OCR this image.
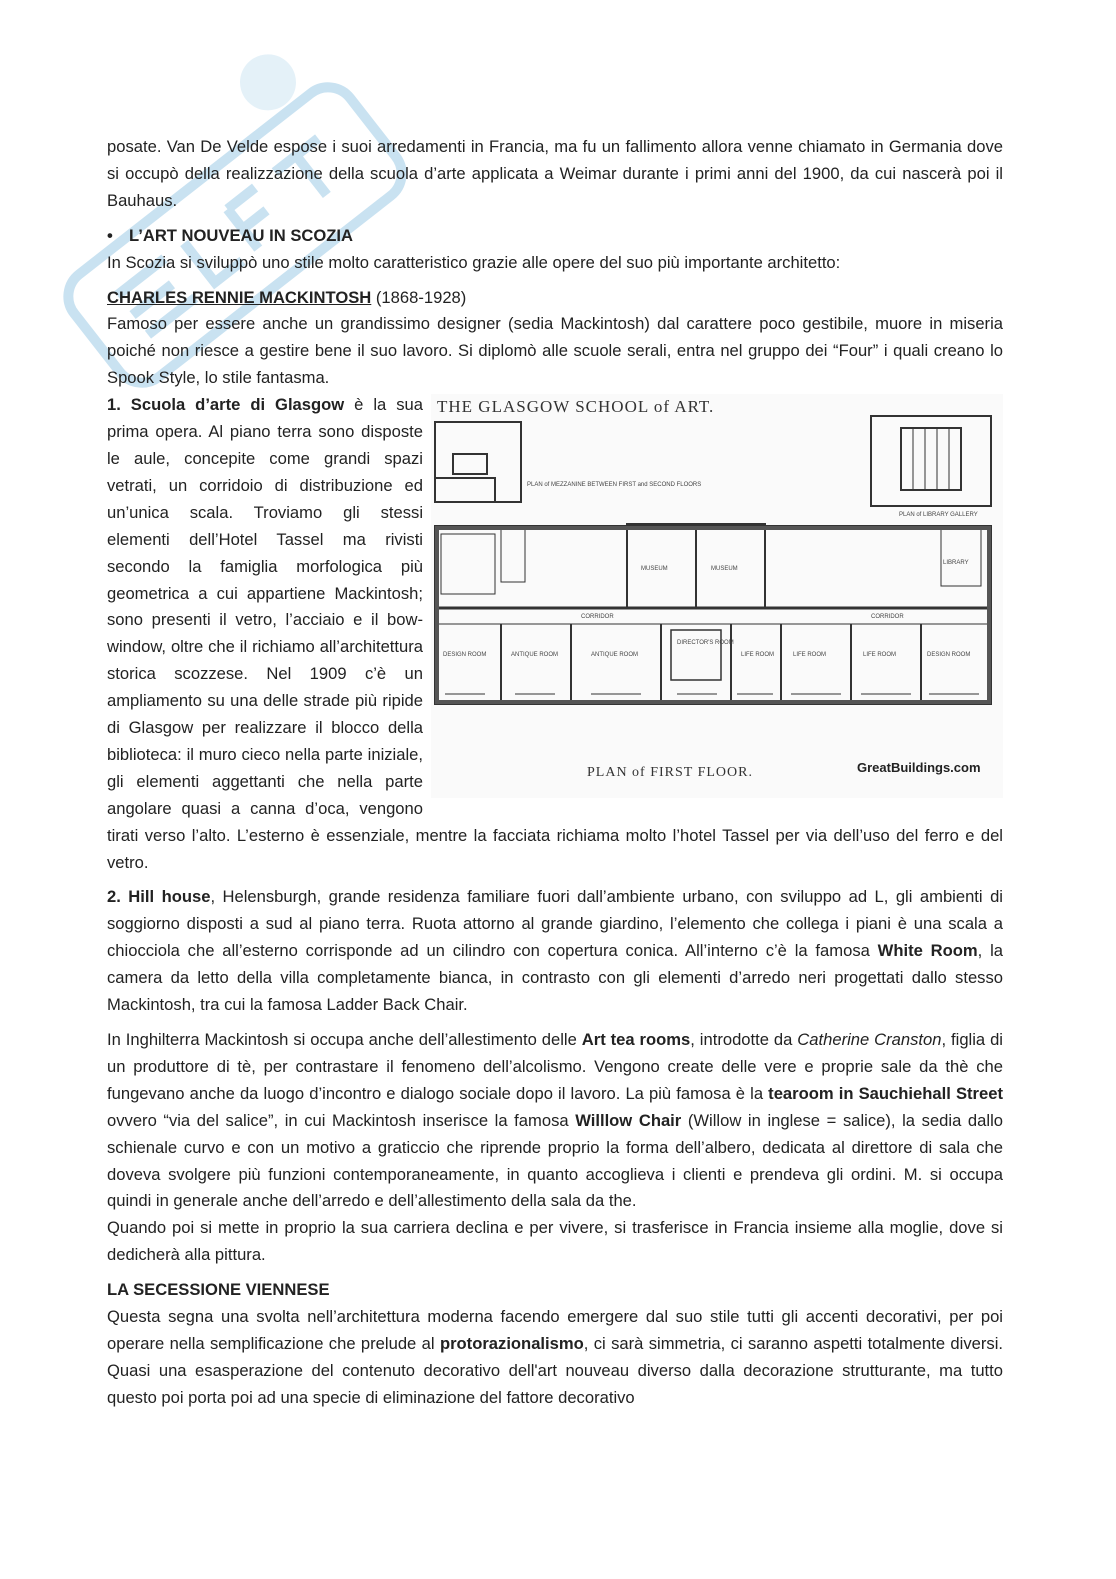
posate. Van De Velde espose i suoi arredamenti in Francia, ma fu un fallimento allora venne chiamato in Germania dove si occupò della realizzazione della scuola d’arte applicata a Weimar durante i primi anni del 1900, da cui nascerà poi il Bauhaus.

• L’ART NOUVEAU IN SCOZIA

In Scozia si sviluppò uno stile molto caratteristico grazie alle opere del suo più importante architetto:

CHARLES RENNIE MACKINTOSH (1868-1928)

Famoso per essere anche un grandissimo designer (sedia Mackintosh) dal carattere poco gestibile, muore in miseria poiché non riesce a gestire bene il suo lavoro. Si diplomò alle scuole serali, entra nel gruppo dei “Four” i quali creano lo Spook Style, lo stile fantasma.

THE GLASGOW SCHOOL of ART.
PLAN of MEZZANINE BETWEEN FIRST and SECOND FLOORS
PLAN of LIBRARY GALLERY
DESIGN ROOM	ANTIQUE ROOM	ANTIQUE ROOM
DIRECTOR'S ROOM
LIFE ROOM	LIFE ROOM	LIFE ROOM	DESIGN ROOM
MUSEUM	MUSEUM
LIBRARY
CORRIDOR	CORRIDOR
PLAN of FIRST FLOOR.	GreatBuildings.com

1. Scuola d’arte di Glasgow è la sua prima opera. Al piano terra sono disposte le aule, concepite come grandi spazi vetrati, un corridoio di distribuzione ed un’unica scala. Troviamo gli stessi elementi dell’Hotel Tassel ma rivisti secondo la famiglia morfologica più geometrica a cui appartiene Mackintosh; sono presenti il vetro, l’acciaio e il bow-window, oltre che il richiamo all’architettura storica scozzese. Nel 1909 c’è un ampliamento su una delle strade più ripide di Glasgow per realizzare il blocco della biblioteca: il muro cieco nella parte iniziale, gli elementi aggettanti che nella parte angolare quasi a canna d’oca, vengono tirati verso l’alto. L’esterno è essenziale, mentre la facciata richiama molto l’hotel Tassel per via dell’uso del ferro e del vetro.

2. Hill house, Helensburgh, grande residenza familiare fuori dall’ambiente urbano, con sviluppo ad L, gli ambienti di soggiorno disposti a sud al piano terra. Ruota attorno al grande giardino, l’elemento che collega i piani è una scala a chiocciola che all’esterno corrisponde ad un cilindro con copertura conica. All’interno c’è la famosa White Room, la camera da letto della villa completamente bianca, in contrasto con gli elementi d’arredo neri progettati dallo stesso Mackintosh, tra cui la famosa Ladder Back Chair.

In Inghilterra Mackintosh si occupa anche dell’allestimento delle Art tea rooms, introdotte da Catherine Cranston, figlia di un produttore di tè, per contrastare il fenomeno dell’alcolismo. Vengono create delle vere e proprie sale da thè che fungevano anche da luogo d’incontro e dialogo sociale dopo il lavoro. La più famosa è la tearoom in Sauchiehall Street ovvero “via del salice”, in cui Mackintosh inserisce la famosa Willlow Chair (Willow in inglese = salice), la sedia dallo schienale curvo e con un motivo a graticcio che riprende proprio la forma dell’albero, dedicata al direttore di sala che doveva svolgere più funzioni contemporaneamente, in quanto accoglieva i clienti e prendeva gli ordini. M. si occupa quindi in generale anche dell’arredo e dell’allestimento della sala da the.

Quando poi si mette in proprio la sua carriera declina e per vivere, si trasferisce in Francia insieme alla moglie, dove si dedicherà alla pittura.

LA SECESSIONE VIENNESE

Questa segna una svolta nell’architettura moderna facendo emergere dal suo stile tutti gli accenti decorativi, per poi operare nella semplificazione che prelude al protorazionalismo, ci sarà simmetria, ci saranno aspetti totalmente diversi. Quasi una esasperazione del contenuto decorativo dell'art nouveau diverso dalla decorazione strutturante, ma tutto questo poi porta poi ad una specie di eliminazione del fattore decorativo
